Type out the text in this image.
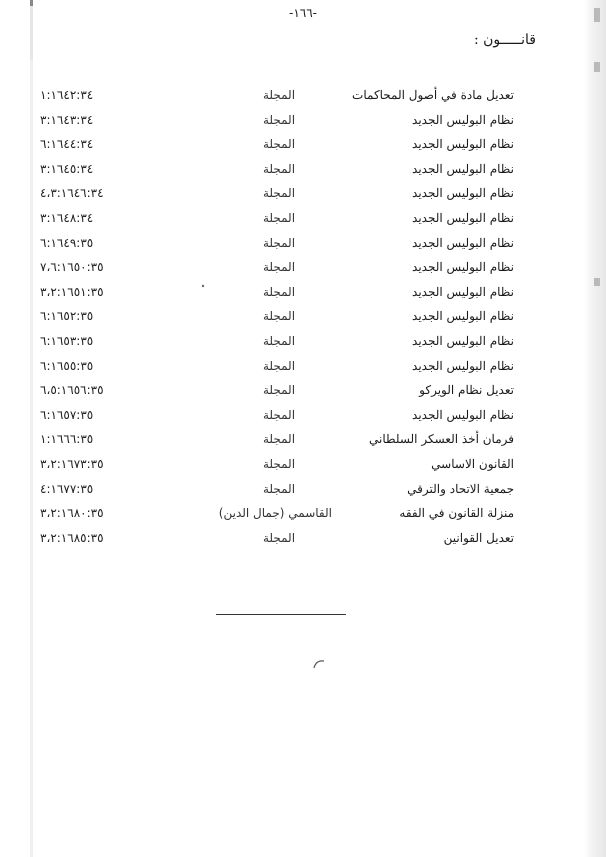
-١٦٦-
قانـــــون :
تعديل مادة في أصول المحاكمات
المجلة
١:١٦٤٢:٣٤
نظام البوليس الجديد
المجلة
٣:١٦٤٣:٣٤
نظام البوليس الجديد
المجلة
٦:١٦٤٤:٣٤
نظام البوليس الجديد
المجلة
٣:١٦٤٥:٣٤
نظام البوليس الجديد
المجلة
٤،٣:١٦٤٦:٣٤
نظام البوليس الجديد
المجلة
٣:١٦٤٨:٣٤
نظام البوليس الجديد
المجلة
٦:١٦٤٩:٣٥
نظام البوليس الجديد
المجلة
٧،٦:١٦٥٠:٣٥
نظام البوليس الجديد
المجلة
٣،٢:١٦٥١:٣٥
نظام البوليس الجديد
المجلة
٦:١٦٥٢:٣٥
نظام البوليس الجديد
المجلة
٦:١٦٥٣:٣٥
نظام البوليس الجديد
المجلة
٦:١٦٥٥:٣٥
تعديل نظام الويركو
المجلة
٦،٥:١٦٥٦:٣٥
نظام البوليس الجديد
المجلة
٦:١٦٥٧:٣٥
فرمان أخذ العسكر السلطاني
المجلة
١:١٦٦٦:٣٥
القانون الاساسي
المجلة
٣،٢:١٦٧٣:٣٥
جمعية الاتحاد والترقي
المجلة
٤:١٦٧٧:٣٥
منزلة القانون في الفقه
القاسمي (جمال الدين)
٣،٢:١٦٨٠:٣٥
تعديل القوانين
المجلة
٣،٢:١٦٨٥:٣٥
